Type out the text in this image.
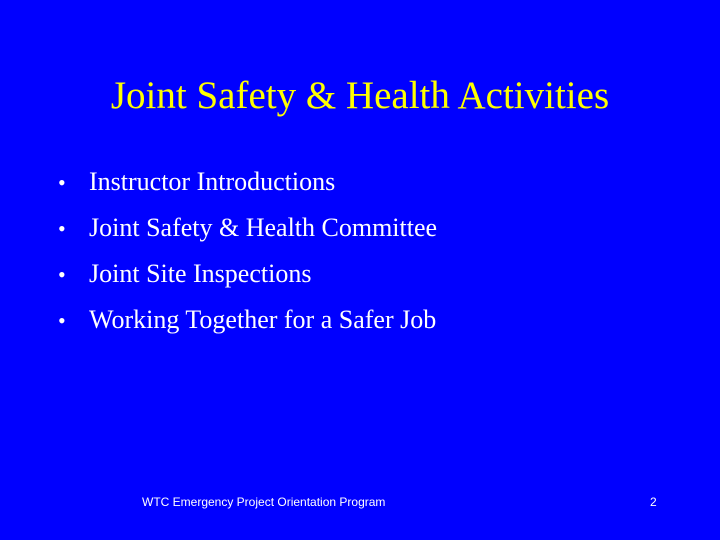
Joint Safety & Health Activities
• Instructor Introductions
• Joint Safety & Health Committee
• Joint Site Inspections
• Working Together for a Safer Job
WTC Emergency Project Orientation Program	2
